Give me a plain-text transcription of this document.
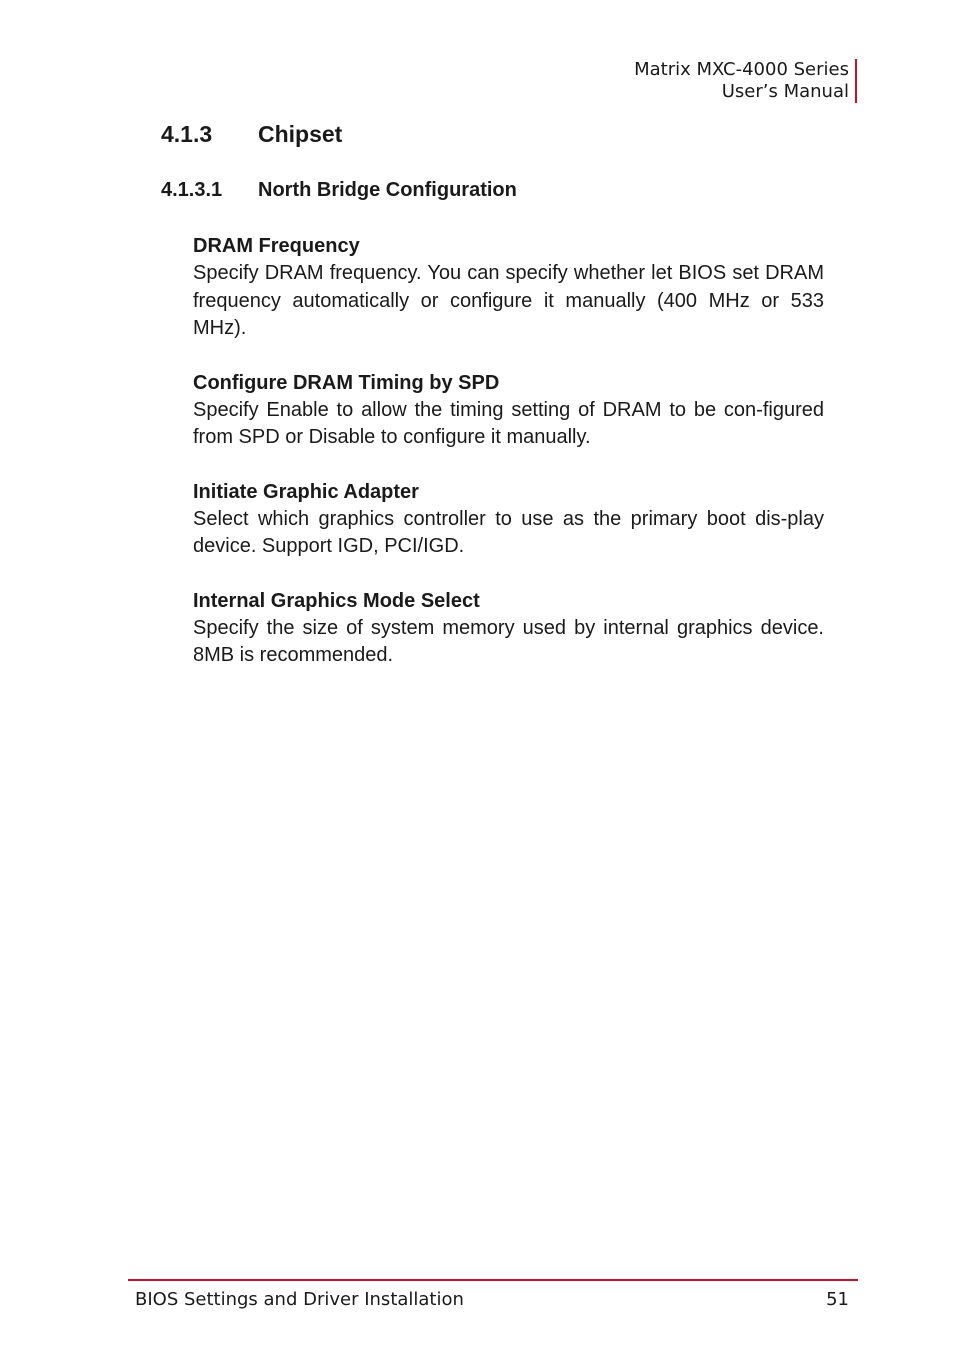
Matrix MXC-4000 Series
User’s Manual
4.1.3 Chipset
4.1.3.1 North Bridge Configuration

DRAM Frequency

Specify DRAM frequency. You can specify whether let BIOS set DRAM frequency automatically or configure it manually (400 MHz or 533 MHz).

Configure DRAM Timing by SPD

Specify Enable to allow the timing setting of DRAM to be con-figured from SPD or Disable to configure it manually.

Initiate Graphic Adapter

Select which graphics controller to use as the primary boot dis-play device. Support IGD, PCI/IGD.

Internal Graphics Mode Select

Specify the size of system memory used by internal graphics device. 8MB is recommended.

BIOS Settings and Driver Installation	51
